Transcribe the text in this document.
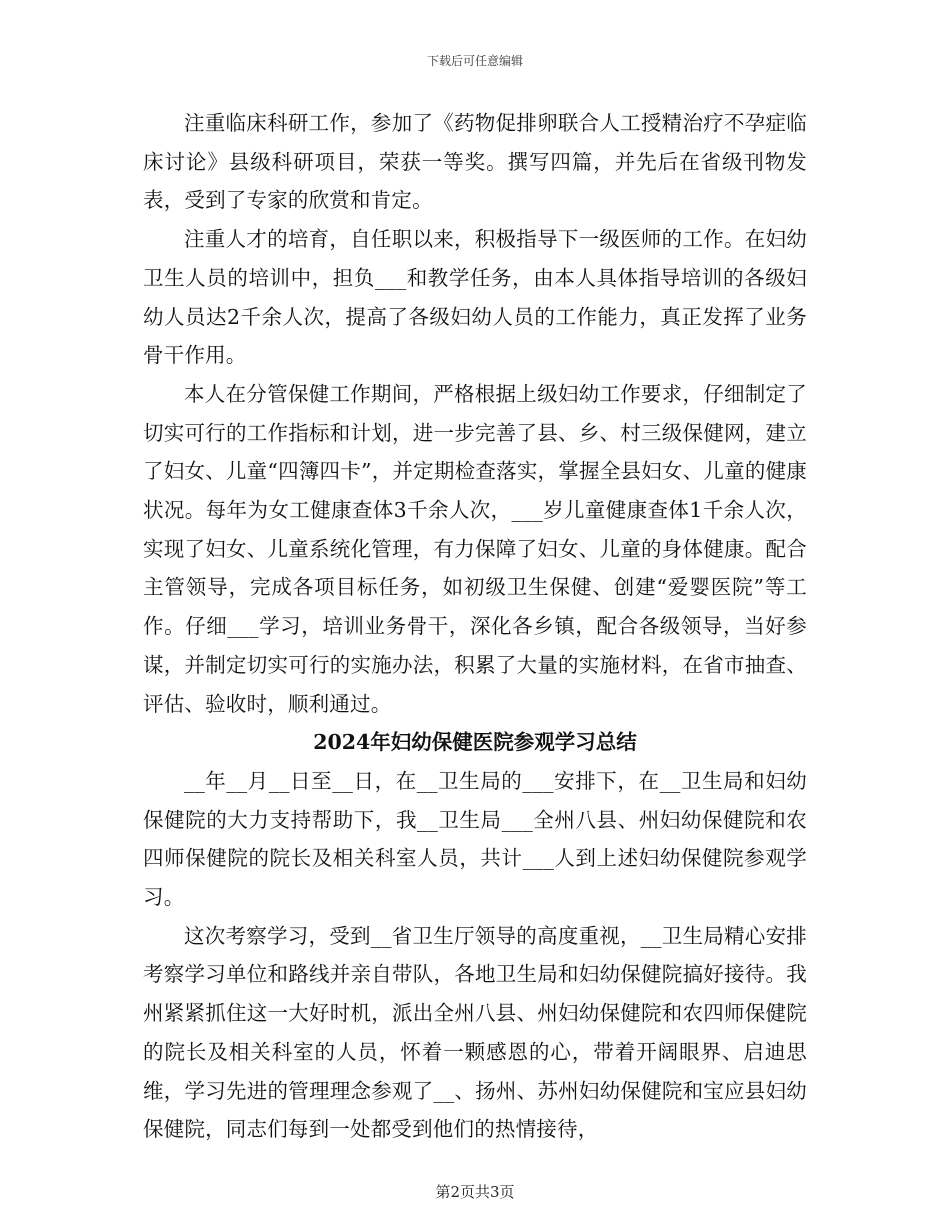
下载后可任意编辑

注重临床科研工作，参加了《药物促排卵联合人工授精治疗不孕症临床讨论》县级科研项目，荣获一等奖。撰写四篇，并先后在省级刊物发表，受到了专家的欣赏和肯定。

注重人才的培育，自任职以来，积极指导下一级医师的工作。在妇幼卫生人员的培训中，担负___和教学任务，由本人具体指导培训的各级妇幼人员达2千余人次，提高了各级妇幼人员的工作能力，真正发挥了业务骨干作用。

本人在分管保健工作期间，严格根据上级妇幼工作要求，仔细制定了切实可行的工作指标和计划，进一步完善了县、乡、村三级保健网，建立了妇女、儿童“四簿四卡”，并定期检查落实，掌握全县妇女、儿童的健康状况。每年为女工健康查体3千余人次，___岁儿童健康查体1千余人次，实现了妇女、儿童系统化管理，有力保障了妇女、儿童的身体健康。配合主管领导，完成各项目标任务，如初级卫生保健、创建“爱婴医院”等工作。仔细___学习，培训业务骨干，深化各乡镇，配合各级领导，当好参谋，并制定切实可行的实施办法，积累了大量的实施材料，在省市抽查、评估、验收时，顺利通过。

2024年妇幼保健医院参观学习总结

__年__月__日至__日，在__卫生局的___安排下，在__卫生局和妇幼保健院的大力支持帮助下，我__卫生局___全州八县、州妇幼保健院和农四师保健院的院长及相关科室人员，共计___人到上述妇幼保健院参观学习。

这次考察学习，受到__省卫生厅领导的高度重视，__卫生局精心安排考察学习单位和路线并亲自带队，各地卫生局和妇幼保健院搞好接待。我州紧紧抓住这一大好时机，派出全州八县、州妇幼保健院和农四师保健院的院长及相关科室的人员，怀着一颗感恩的心，带着开阔眼界、启迪思维，学习先进的管理理念参观了__、扬州、苏州妇幼保健院和宝应县妇幼保健院，同志们每到一处都受到他们的热情接待，

第2页共3页
